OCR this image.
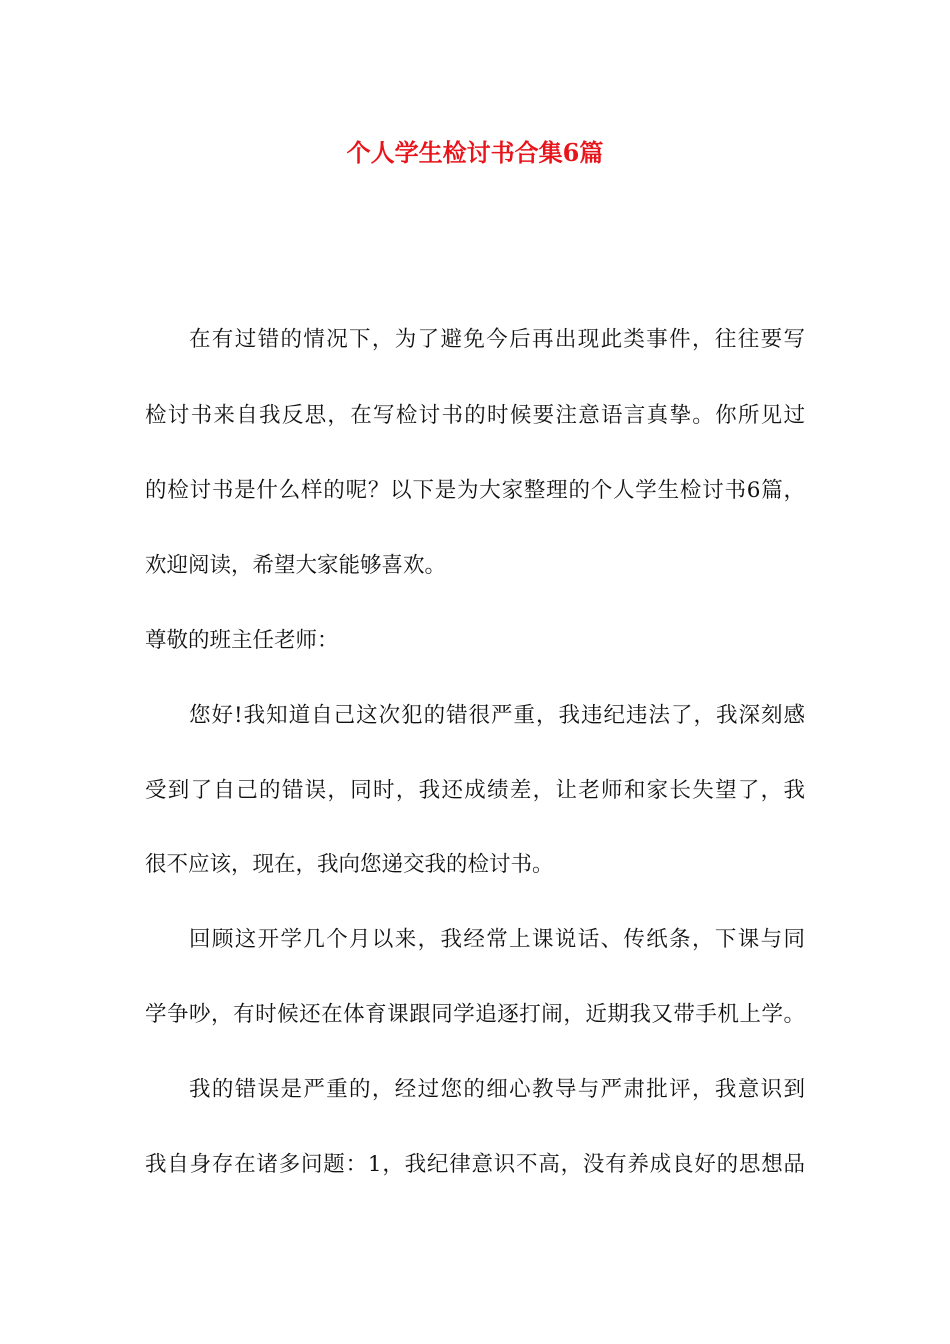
个人学生检讨书合集6篇
在有过错的情况下，为了避免今后再出现此类事件，往往要写
检讨书来自我反思，在写检讨书的时候要注意语言真挚。你所见过
的检讨书是什么样的呢？以下是为大家整理的个人学生检讨书6篇，
欢迎阅读，希望大家能够喜欢。
尊敬的班主任老师：
您好!我知道自己这次犯的错很严重，我违纪违法了，我深刻感
受到了自己的错误，同时，我还成绩差，让老师和家长失望了，我
很不应该，现在，我向您递交我的检讨书。
回顾这开学几个月以来，我经常上课说话、传纸条，下课与同
学争吵，有时候还在体育课跟同学追逐打闹，近期我又带手机上学。
我的错误是严重的，经过您的细心教导与严肃批评，我意识到
我自身存在诸多问题：1，我纪律意识不高，没有养成良好的思想品
